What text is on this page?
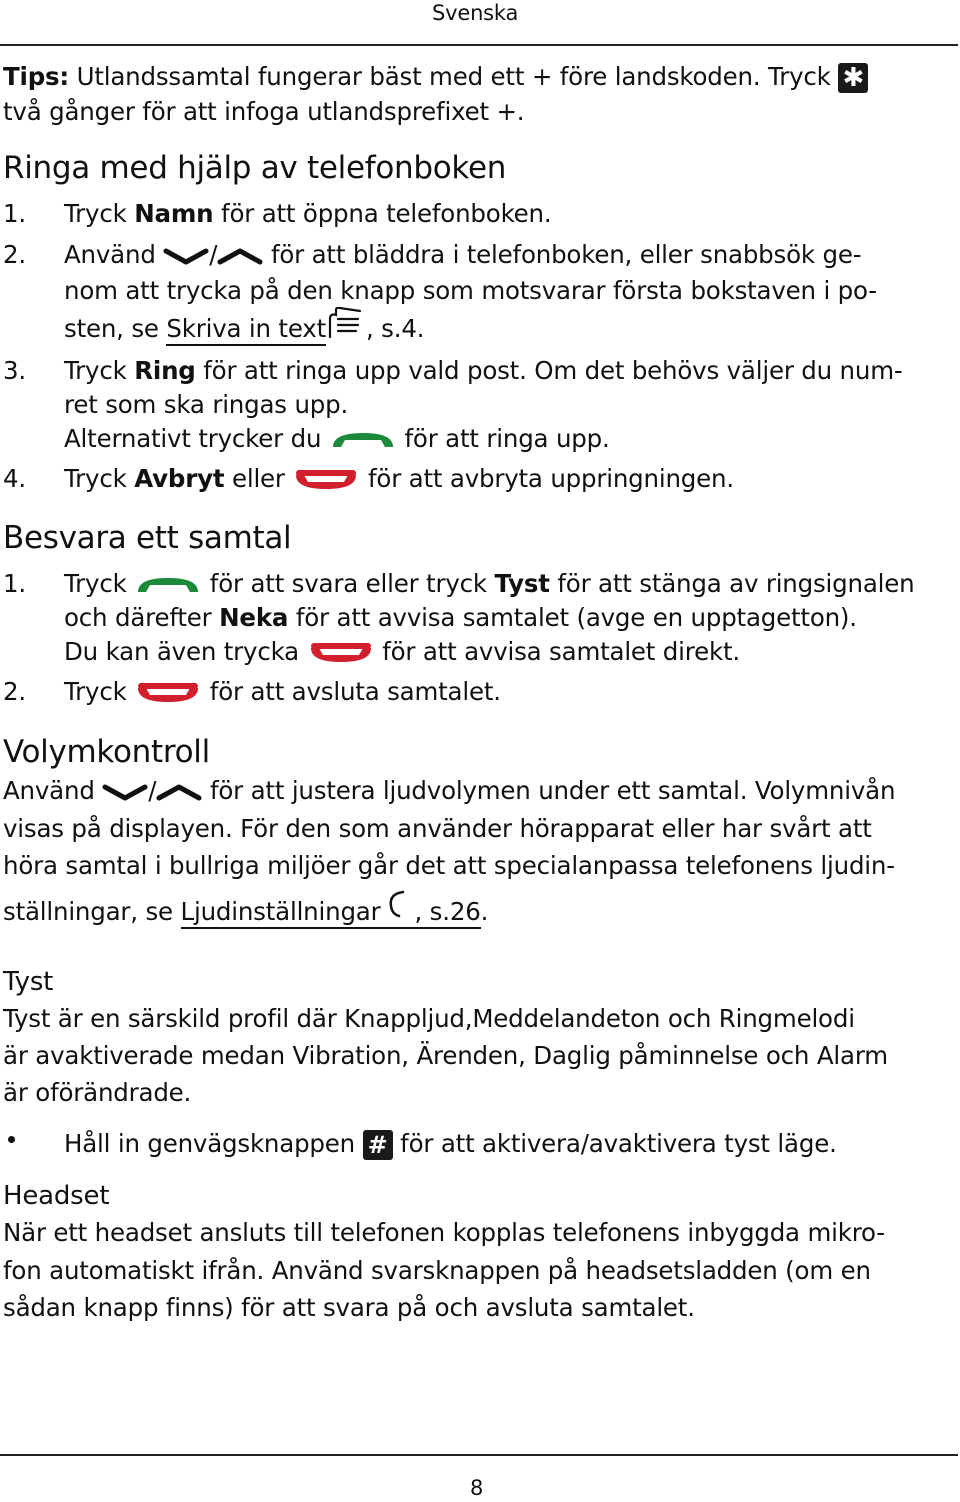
Svenska
Tips: Utlandssamtal fungerar bäst med ett + före landskoden. Tryck ✱
två gånger för att infoga utlandsprefixet +.
Ringa med hjälp av telefonboken
1. Tryck Namn för att öppna telefonboken.
2. Använd / för att bläddra i telefonboken, eller snabbsök ge-
nom att trycka på den knapp som motsvarar första bokstaven i po-
sten, se Skriva in text , s.4.
3. Tryck Ring för att ringa upp vald post. Om det behövs väljer du num-
ret som ska ringas upp.
Alternativt trycker du	för att ringa upp.
4. Tryck Avbryt eller	för att avbryta uppringningen.
Besvara ett samtal
1. Tryck	för att svara eller tryck Tyst för att stänga av ringsignalen
och därefter Neka för att avvisa samtalet (avge en upptagetton).
Du kan även trycka	för att avvisa samtalet direkt.
2. Tryck	för att avsluta samtalet.
Volymkontroll
Använd / för att justera ljudvolymen under ett samtal. Volymnivån
visas på displayen. För den som använder hörapparat eller har svårt att
höra samtal i bullriga miljöer går det att specialanpassa telefonens ljudin-
ställningar, se Ljudinställningar , s.26.
Tyst
Tyst är en särskild profil där Knappljud,Meddelandeton och Ringmelodi
är avaktiverade medan Vibration, Ärenden, Daglig påminnelse och Alarm
är oförändrade.
Håll in genvägsknappen # för att aktivera/avaktivera tyst läge.
Headset
När ett headset ansluts till telefonen kopplas telefonens inbyggda mikro-
fon automatiskt ifrån. Använd svarsknappen på headsetsladden (om en
sådan knapp finns) för att svara på och avsluta samtalet.
8
